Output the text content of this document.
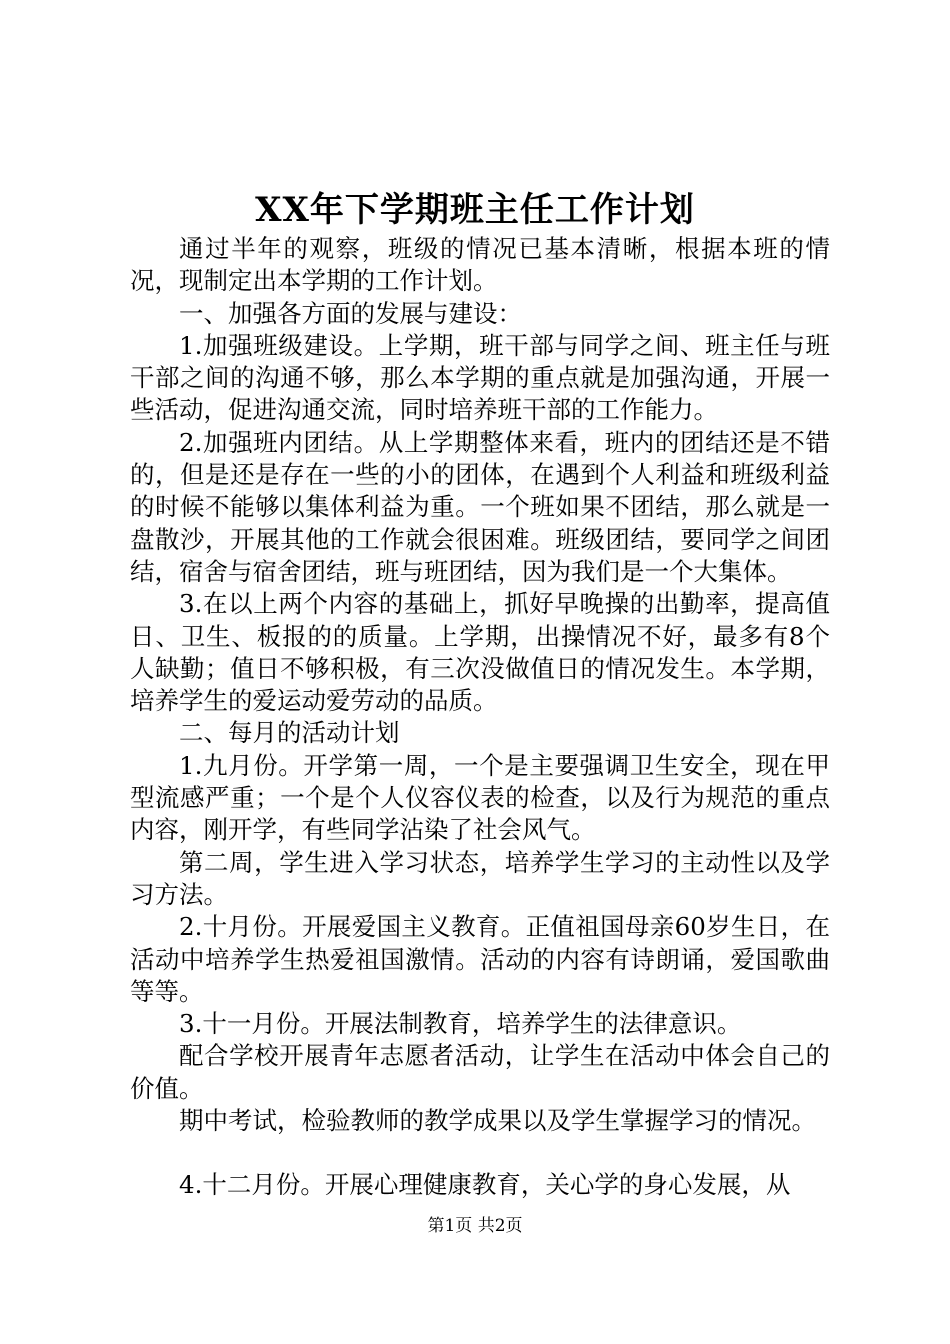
XX年下学期班主任工作计划

通过半年的观察，班级的情况已基本清晰，根据本班的情况，现制定出本学期的工作计划。

一、加强各方面的发展与建设：

1.加强班级建设。上学期，班干部与同学之间、班主任与班干部之间的沟通不够，那么本学期的重点就是加强沟通，开展一些活动，促进沟通交流，同时培养班干部的工作能力。

2.加强班内团结。从上学期整体来看，班内的团结还是不错的，但是还是存在一些的小的团体，在遇到个人利益和班级利益的时候不能够以集体利益为重。一个班如果不团结，那么就是一盘散沙，开展其他的工作就会很困难。班级团结，要同学之间团结，宿舍与宿舍团结，班与班团结，因为我们是一个大集体。

3.在以上两个内容的基础上，抓好早晚操的出勤率，提高值日、卫生、板报的的质量。上学期，出操情况不好，最多有8个人缺勤；值日不够积极，有三次没做值日的情况发生。本学期，培养学生的爱运动爱劳动的品质。

二、每月的活动计划

1.九月份。开学第一周，一个是主要强调卫生安全，现在甲型流感严重；一个是个人仪容仪表的检查，以及行为规范的重点内容，刚开学，有些同学沾染了社会风气。

第二周，学生进入学习状态，培养学生学习的主动性以及学习方法。

2.十月份。开展爱国主义教育。正值祖国母亲60岁生日，在活动中培养学生热爱祖国激情。活动的内容有诗朗诵，爱国歌曲等等。

3.十一月份。开展法制教育，培养学生的法律意识。

配合学校开展青年志愿者活动，让学生在活动中体会自己的价值。

期中考试，检验教师的教学成果以及学生掌握学习的情况。

4.十二月份。开展心理健康教育，关心学的身心发展，从

第1页 共2页
